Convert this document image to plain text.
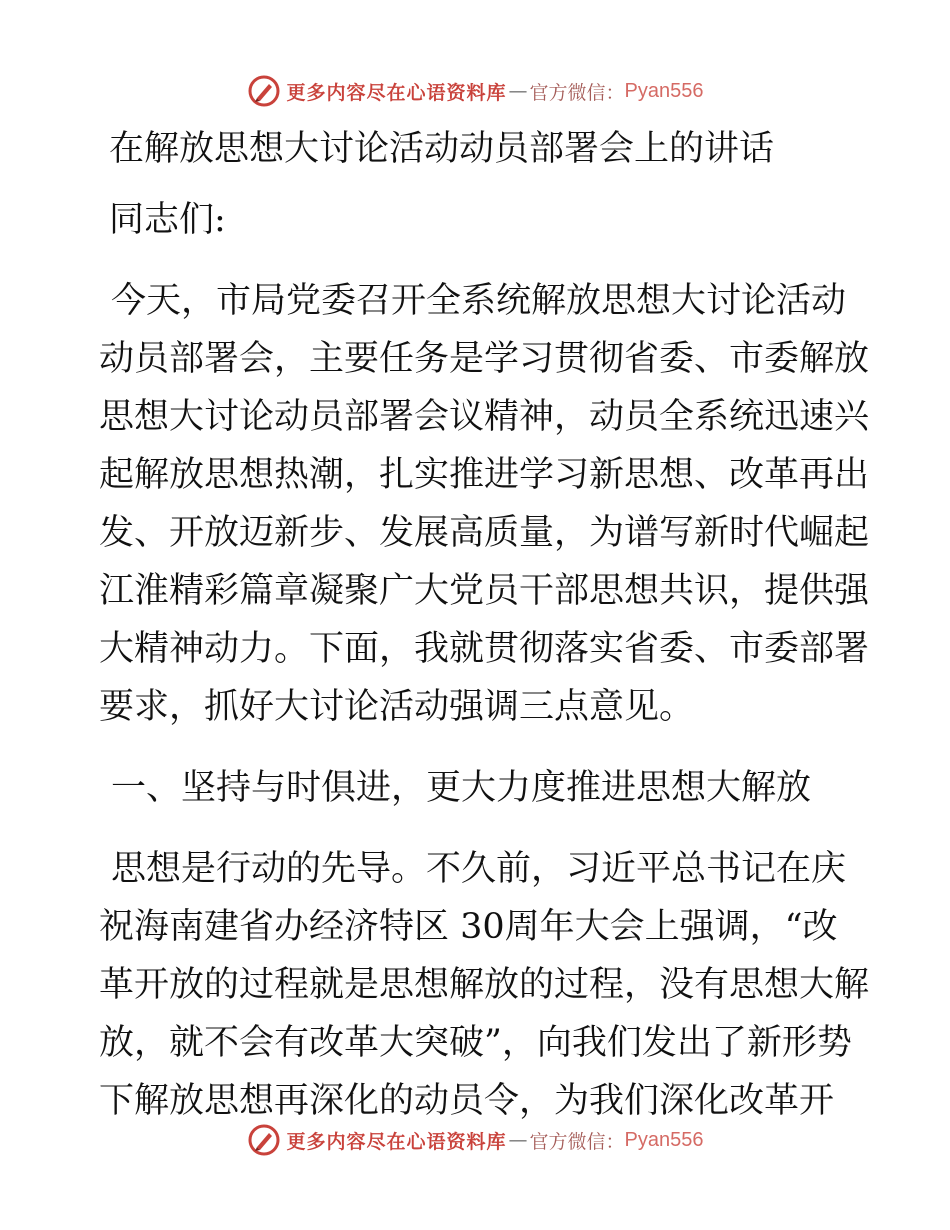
更多内容尽在心语资料库 — 官方微信： Pyan556
在解放思想大讨论活动动员部署会上的讲话
同志们:
今天，市局党委召开全系统解放思想大讨论活动
动员部署会，主要任务是学习贯彻省委、市委解放
思想大讨论动员部署会议精神，动员全系统迅速兴
起解放思想热潮，扎实推进学习新思想、改革再出
发、开放迈新步、发展高质量，为谱写新时代崛起
江淮精彩篇章凝聚广大党员干部思想共识，提供强
大精神动力。下面，我就贯彻落实省委、市委部署
要求，抓好大讨论活动强调三点意见。
一、坚持与时俱进，更大力度推进思想大解放
思想是行动的先导。不久前，习近平总书记在庆
祝海南建省办经济特区 30周年大会上强调，“改
革开放的过程就是思想解放的过程，没有思想大解
放，就不会有改革大突破”，向我们发出了新形势
下解放思想再深化的动员令，为我们深化改革开
更多内容尽在心语资料库 — 官方微信： Pyan556
